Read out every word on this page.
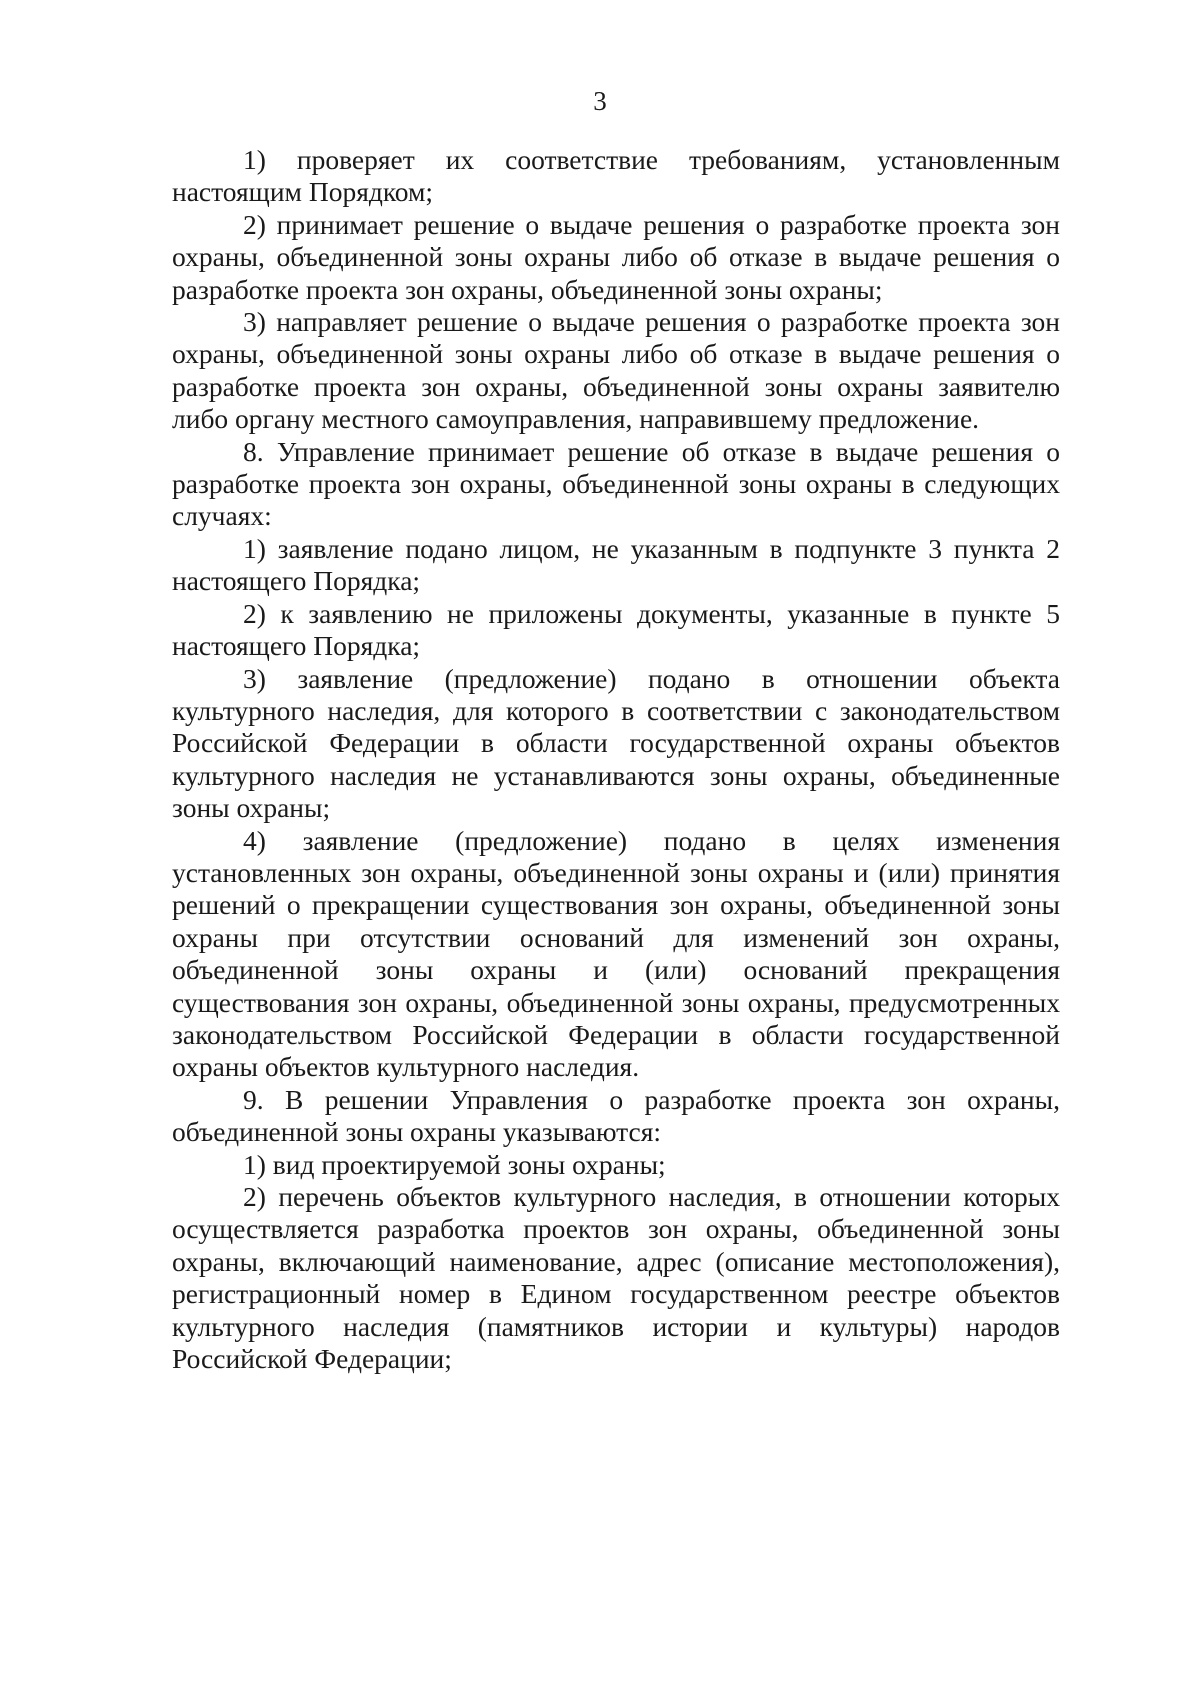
3

1) проверяет их соответствие требованиям, установленным настоящим Порядком;

2) принимает решение о выдаче решения о разработке проекта зон охраны, объединенной зоны охраны либо об отказе в выдаче решения о разработке проекта зон охраны, объединенной зоны охраны;

3) направляет решение о выдаче решения о разработке проекта зон охраны, объединенной зоны охраны либо об отказе в выдаче решения о разработке проекта зон охраны, объединенной зоны охраны заявителю либо органу местного самоуправления, направившему предложение.

8. Управление принимает решение об отказе в выдаче решения о разработке проекта зон охраны, объединенной зоны охраны в следующих случаях:

1) заявление подано лицом, не указанным в подпункте 3 пункта 2 настоящего Порядка;

2) к заявлению не приложены документы, указанные в пункте 5 настоящего Порядка;

3) заявление (предложение) подано в отношении объекта культурного наследия, для которого в соответствии с законодательством Российской Федерации в области государственной охраны объектов культурного наследия не устанавливаются зоны охраны, объединенные зоны охраны;

4) заявление (предложение) подано в целях изменения установленных зон охраны, объединенной зоны охраны и (или) принятия решений о прекращении существования зон охраны, объединенной зоны охраны при отсутствии оснований для изменений зон охраны, объединенной зоны охраны и (или) оснований прекращения существования зон охраны, объединенной зоны охраны, предусмотренных законодательством Российской Федерации в области государственной охраны объектов культурного наследия.

9. В решении Управления о разработке проекта зон охраны, объединенной зоны охраны указываются:

1) вид проектируемой зоны охраны;

2) перечень объектов культурного наследия, в отношении которых осуществляется разработка проектов зон охраны, объединенной зоны охраны, включающий наименование, адрес (описание местоположения), регистрационный номер в Едином государственном реестре объектов культурного наследия (памятников истории и культуры) народов Российской Федерации;
